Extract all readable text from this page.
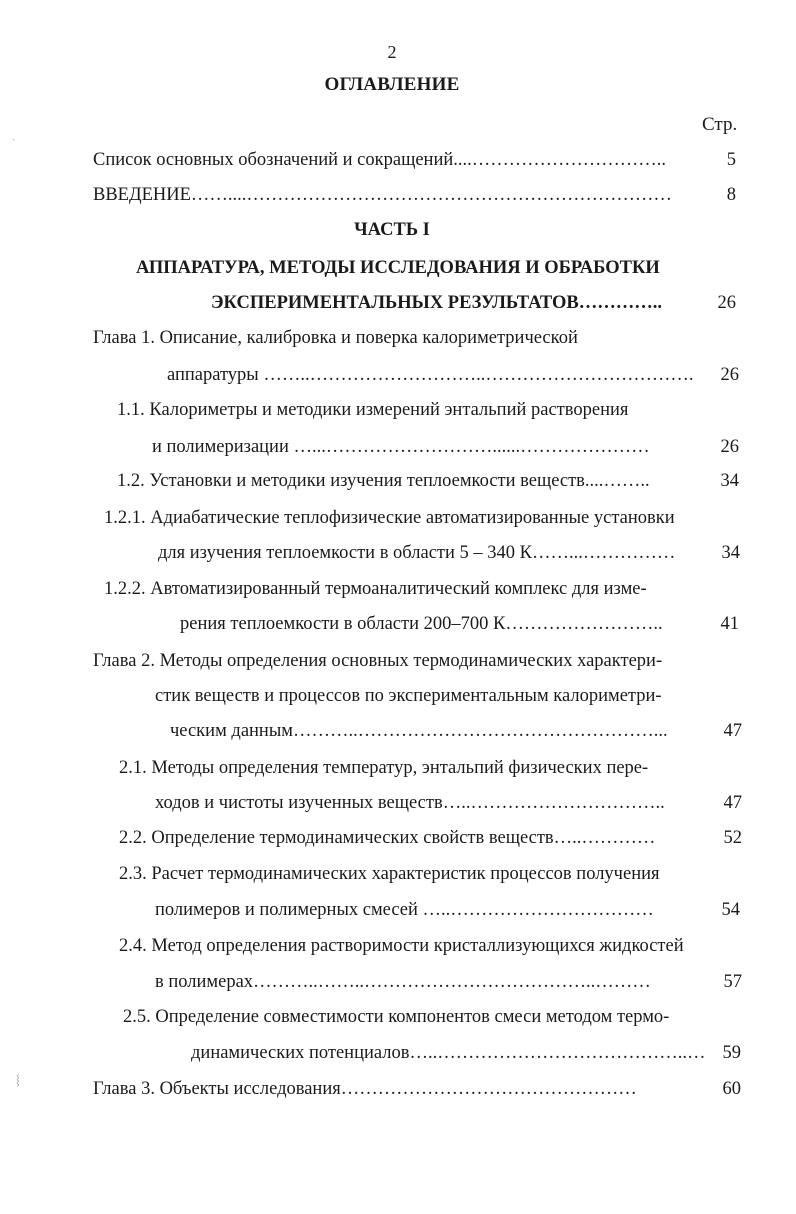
2
ОГЛАВЛЕНИЕ
Стр.
Список основных обозначений и сокращений....…………………………..	5
ВВЕДЕНИЕ……....……………………………………………………………	8
ЧАСТЬ I
АППАРАТУРА, МЕТОДЫ ИССЛЕДОВАНИЯ И ОБРАБОТКИ
ЭКСПЕРИМЕНТАЛЬНЫХ РЕЗУЛЬТАТОВ…………..	26
Глава 1. Описание, калибровка и поверка калориметрической
аппаратуры ……..………………………..…………………………….	26
1.1. Калориметры и методики измерений энтальпий растворения
и полимеризации …...………………………......…………………	26
1.2. Установки и методики изучения теплоемкости веществ....……..	34
1.2.1. Адиабатические теплофизические автоматизированные установки
для изучения теплоемкости в области 5 – 340 К……...……………	34
1.2.2. Автоматизированный термоаналитический комплекс для изме-
рения теплоемкости в области 200–700 К……………………..	41
Глава 2. Методы определения основных термодинамических характери-
стик веществ и процессов по экспериментальным калориметри-
ческим данным………..…………………………………………...	47
2.1. Методы определения температур, энтальпий физических пере-
ходов и чистоты изученных веществ…..…………………………..	47
2.2. Определение термодинамических свойств веществ…..…………	52
2.3. Расчет термодинамических характеристик процессов получения
полимеров и полимерных смесей …..……………………………	54
2.4. Метод определения растворимости кристаллизующихся жидкостей
в полимерах………..……..………………………………..………	57
2.5. Определение совместимости компонентов смеси методом термо-
динамических потенциалов…..…………………………………..… 59
Глава 3. Объекты исследования…………………………………………	60
ˎ
⸾
